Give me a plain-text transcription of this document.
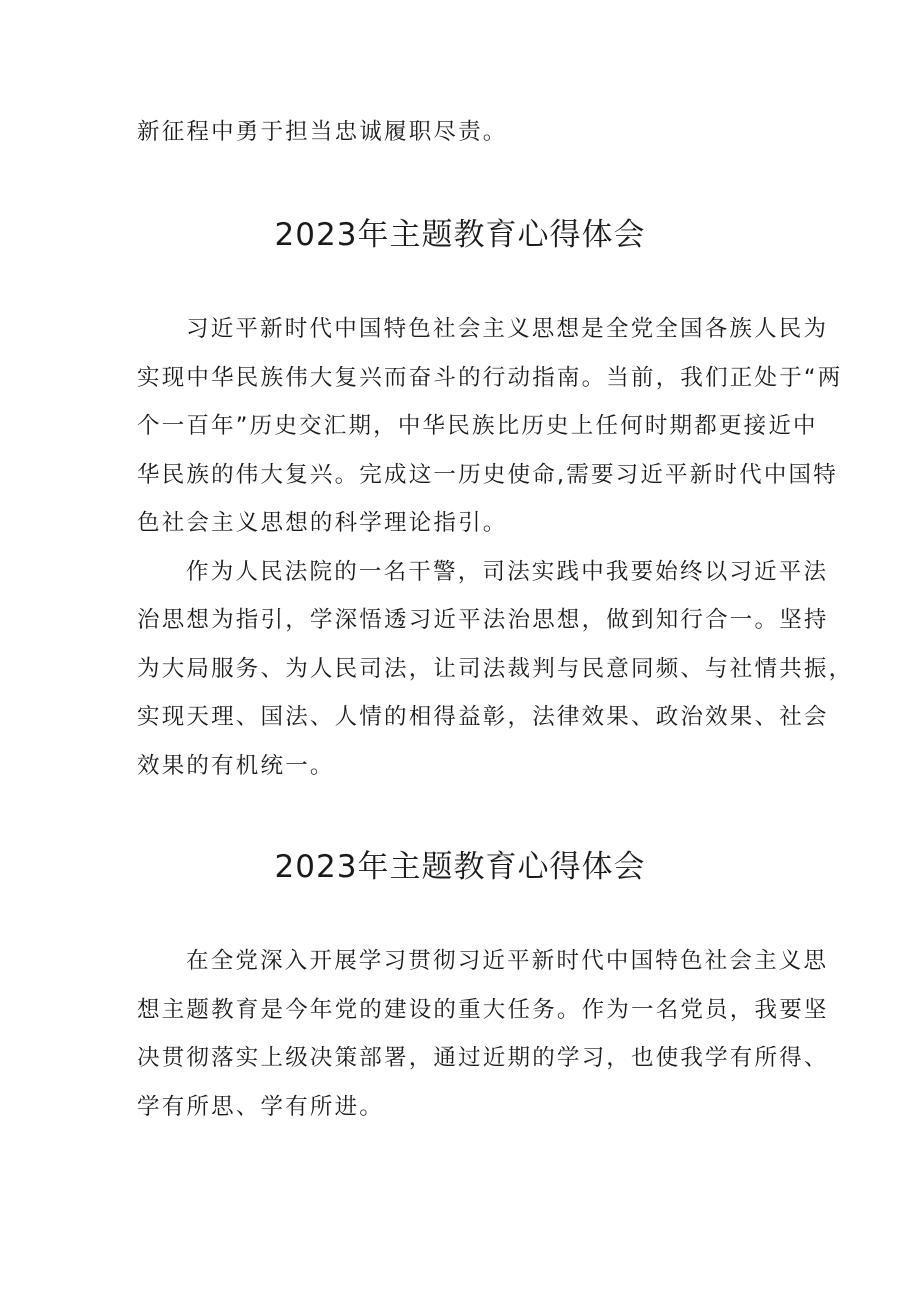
新征程中勇于担当忠诚履职尽责。
2023年主题教育心得体会
习近平新时代中国特色社会主义思想是全党全国各族人民为
实现中华民族伟大复兴而奋斗的行动指南。当前，我们正处于“两
个一百年”历史交汇期，中华民族比历史上任何时期都更接近中
华民族的伟大复兴。完成这一历史使命,需要习近平新时代中国特
色社会主义思想的科学理论指引。
作为人民法院的一名干警，司法实践中我要始终以习近平法
治思想为指引，学深悟透习近平法治思想，做到知行合一。坚持
为大局服务、为人民司法，让司法裁判与民意同频、与社情共振，
实现天理、国法、人情的相得益彰，法律效果、政治效果、社会
效果的有机统一。
2023年主题教育心得体会
在全党深入开展学习贯彻习近平新时代中国特色社会主义思
想主题教育是今年党的建设的重大任务。作为一名党员，我要坚
决贯彻落实上级决策部署，通过近期的学习，也使我学有所得、
学有所思、学有所进。
